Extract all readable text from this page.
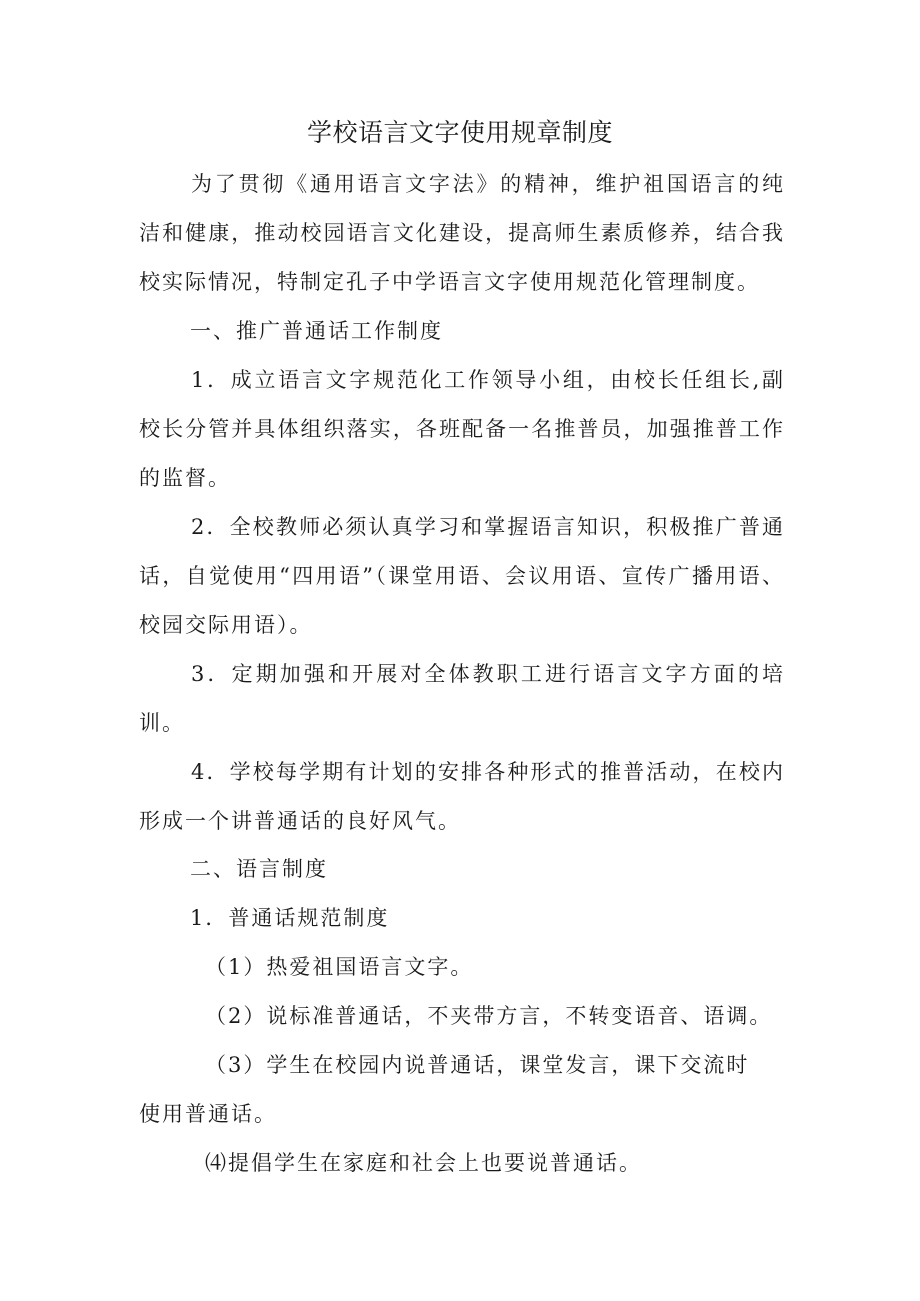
学校语言文字使用规章制度

为了贯彻《通用语言文字法》的精神，维护祖国语言的纯洁和健康，推动校园语言文化建设，提高师生素质修养，结合我校实际情况，特制定孔子中学语言文字使用规范化管理制度。

一、推广普通话工作制度

1．成立语言文字规范化工作领导小组，由校长任组长,副校长分管并具体组织落实，各班配备一名推普员，加强推普工作的监督。

2．全校教师必须认真学习和掌握语言知识，积极推广普通话，自觉使用“四用语”（课堂用语、会议用语、宣传广播用语、校园交际用语）。

3．定期加强和开展对全体教职工进行语言文字方面的培训。

4．学校每学期有计划的安排各种形式的推普活动，在校内形成一个讲普通话的良好风气。

二、语言制度

1．普通话规范制度

（1）热爱祖国语言文字。

（2）说标准普通话，不夹带方言，不转变语音、语调。

（3）学生在校园内说普通话，课堂发言，课下交流时

使用普通话。

⑷提倡学生在家庭和社会上也要说普通话。
